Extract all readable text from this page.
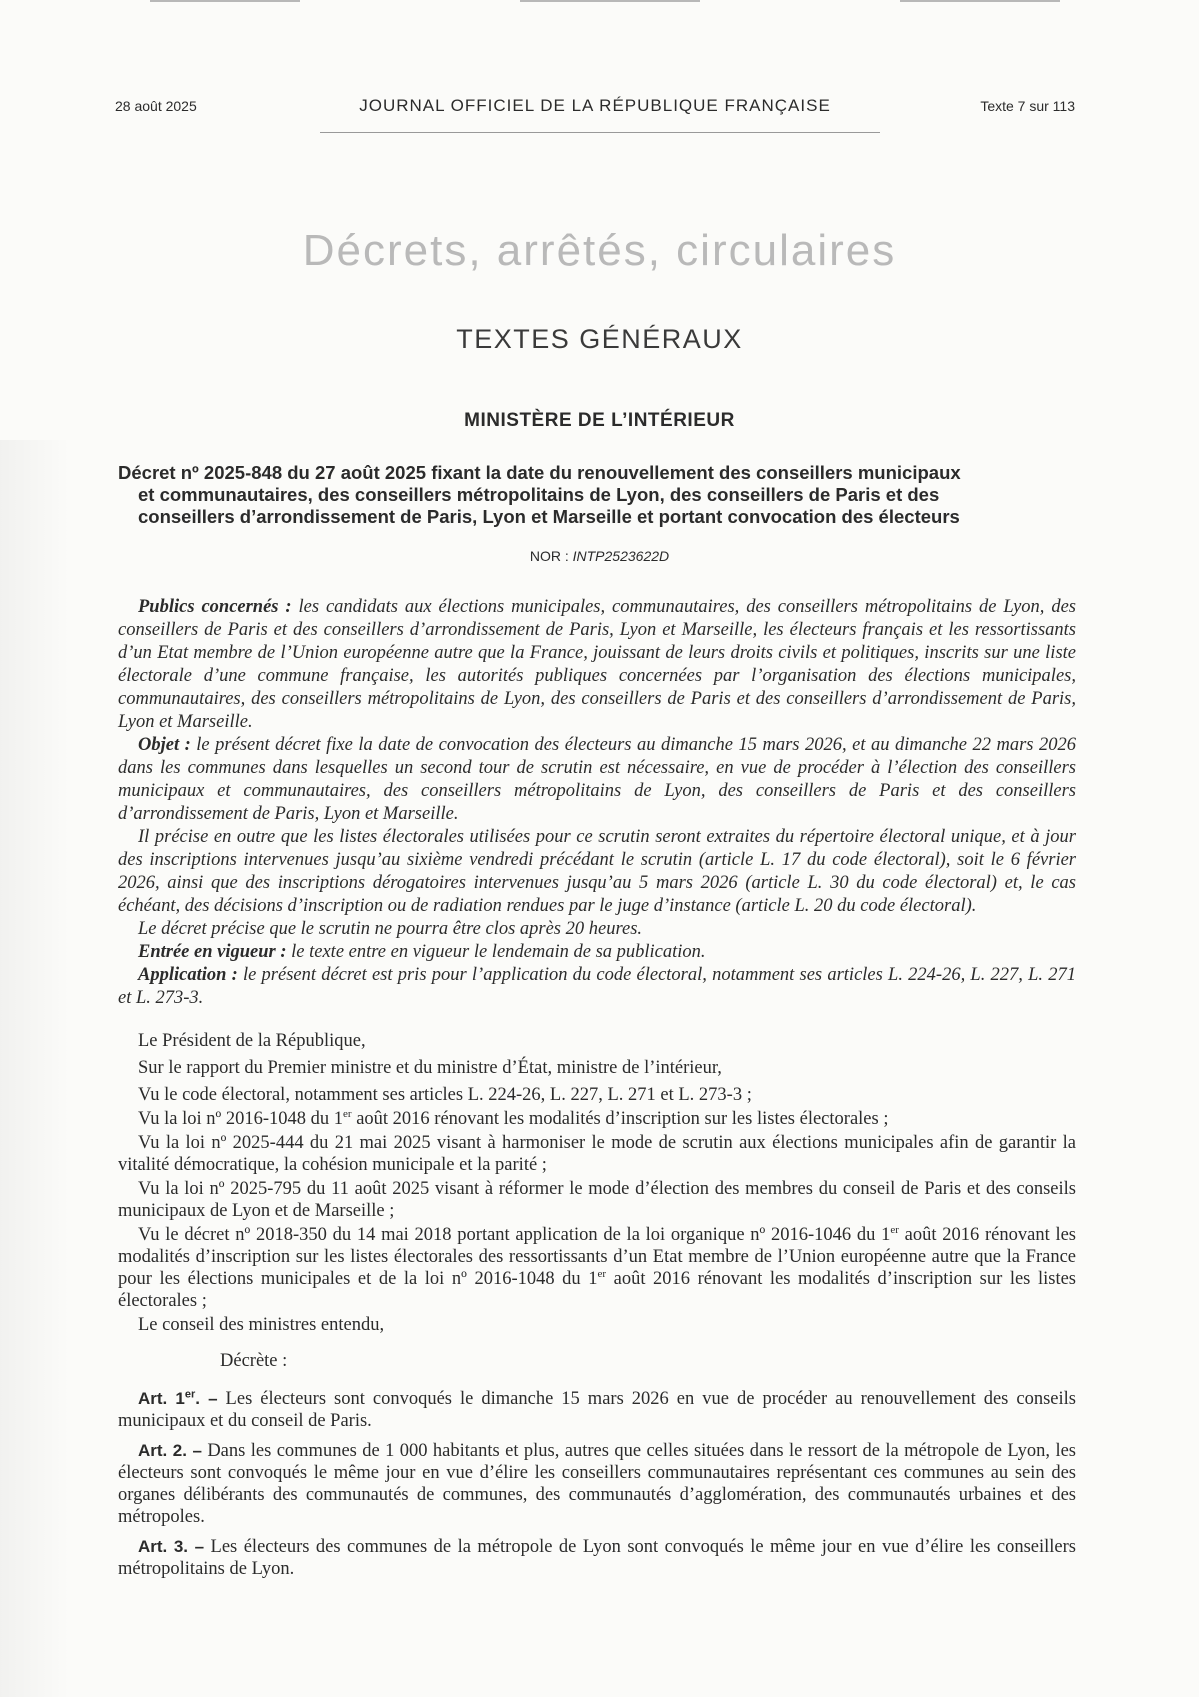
28 août 2025	JOURNAL OFFICIEL DE LA RÉPUBLIQUE FRANÇAISE	Texte 7 sur 113
Décrets, arrêtés, circulaires
TEXTES GÉNÉRAUX
MINISTÈRE DE L’INTÉRIEUR
Décret nº 2025-848 du 27 août 2025 fixant la date du renouvellement des conseillers municipaux
et communautaires, des conseillers métropolitains de Lyon, des conseillers de Paris et des
conseillers d’arrondissement de Paris, Lyon et Marseille et portant convocation des électeurs
NOR : INTP2523622D

Publics concernés : les candidats aux élections municipales, communautaires, des conseillers métropolitains de Lyon, des conseillers de Paris et des conseillers d’arrondissement de Paris, Lyon et Marseille, les électeurs français et les ressortissants d’un Etat membre de l’Union européenne autre que la France, jouissant de leurs droits civils et politiques, inscrits sur une liste électorale d’une commune française, les autorités publiques concernées par l’organisation des élections municipales, communautaires, des conseillers métropolitains de Lyon, des conseillers de Paris et des conseillers d’arrondissement de Paris, Lyon et Marseille.

Objet : le présent décret fixe la date de convocation des électeurs au dimanche 15 mars 2026, et au dimanche 22 mars 2026 dans les communes dans lesquelles un second tour de scrutin est nécessaire, en vue de procéder à l’élection des conseillers municipaux et communautaires, des conseillers métropolitains de Lyon, des conseillers de Paris et des conseillers d’arrondissement de Paris, Lyon et Marseille.

Il précise en outre que les listes électorales utilisées pour ce scrutin seront extraites du répertoire électoral unique, et à jour des inscriptions intervenues jusqu’au sixième vendredi précédant le scrutin (article L. 17 du code électoral), soit le 6 février 2026, ainsi que des inscriptions dérogatoires intervenues jusqu’au 5 mars 2026 (article L. 30 du code électoral) et, le cas échéant, des décisions d’inscription ou de radiation rendues par le juge d’instance (article L. 20 du code électoral).

Le décret précise que le scrutin ne pourra être clos après 20 heures.

Entrée en vigueur : le texte entre en vigueur le lendemain de sa publication.

Application : le présent décret est pris pour l’application du code électoral, notamment ses articles L. 224-26, L. 227, L. 271 et L. 273-3.

Le Président de la République,

Sur le rapport du Premier ministre et du ministre d’État, ministre de l’intérieur,

Vu le code électoral, notamment ses articles L. 224-26, L. 227, L. 271 et L. 273-3 ;

Vu la loi nº 2016-1048 du 1er août 2016 rénovant les modalités d’inscription sur les listes électorales ;

Vu la loi nº 2025-444 du 21 mai 2025 visant à harmoniser le mode de scrutin aux élections municipales afin de garantir la vitalité démocratique, la cohésion municipale et la parité ;

Vu la loi nº 2025-795 du 11 août 2025 visant à réformer le mode d’élection des membres du conseil de Paris et des conseils municipaux de Lyon et de Marseille ;

Vu le décret nº 2018-350 du 14 mai 2018 portant application de la loi organique nº 2016-1046 du 1er août 2016 rénovant les modalités d’inscription sur les listes électorales des ressortissants d’un Etat membre de l’Union européenne autre que la France pour les élections municipales et de la loi nº 2016-1048 du 1er août 2016 rénovant les modalités d’inscription sur les listes électorales ;

Le conseil des ministres entendu,

Décrète :

Art. 1er. – Les électeurs sont convoqués le dimanche 15 mars 2026 en vue de procéder au renouvellement des conseils municipaux et du conseil de Paris.

Art. 2. – Dans les communes de 1 000 habitants et plus, autres que celles situées dans le ressort de la métropole de Lyon, les électeurs sont convoqués le même jour en vue d’élire les conseillers communautaires représentant ces communes au sein des organes délibérants des communautés de communes, des communautés d’agglomération, des communautés urbaines et des métropoles.

Art. 3. – Les électeurs des communes de la métropole de Lyon sont convoqués le même jour en vue d’élire les conseillers métropolitains de Lyon.
